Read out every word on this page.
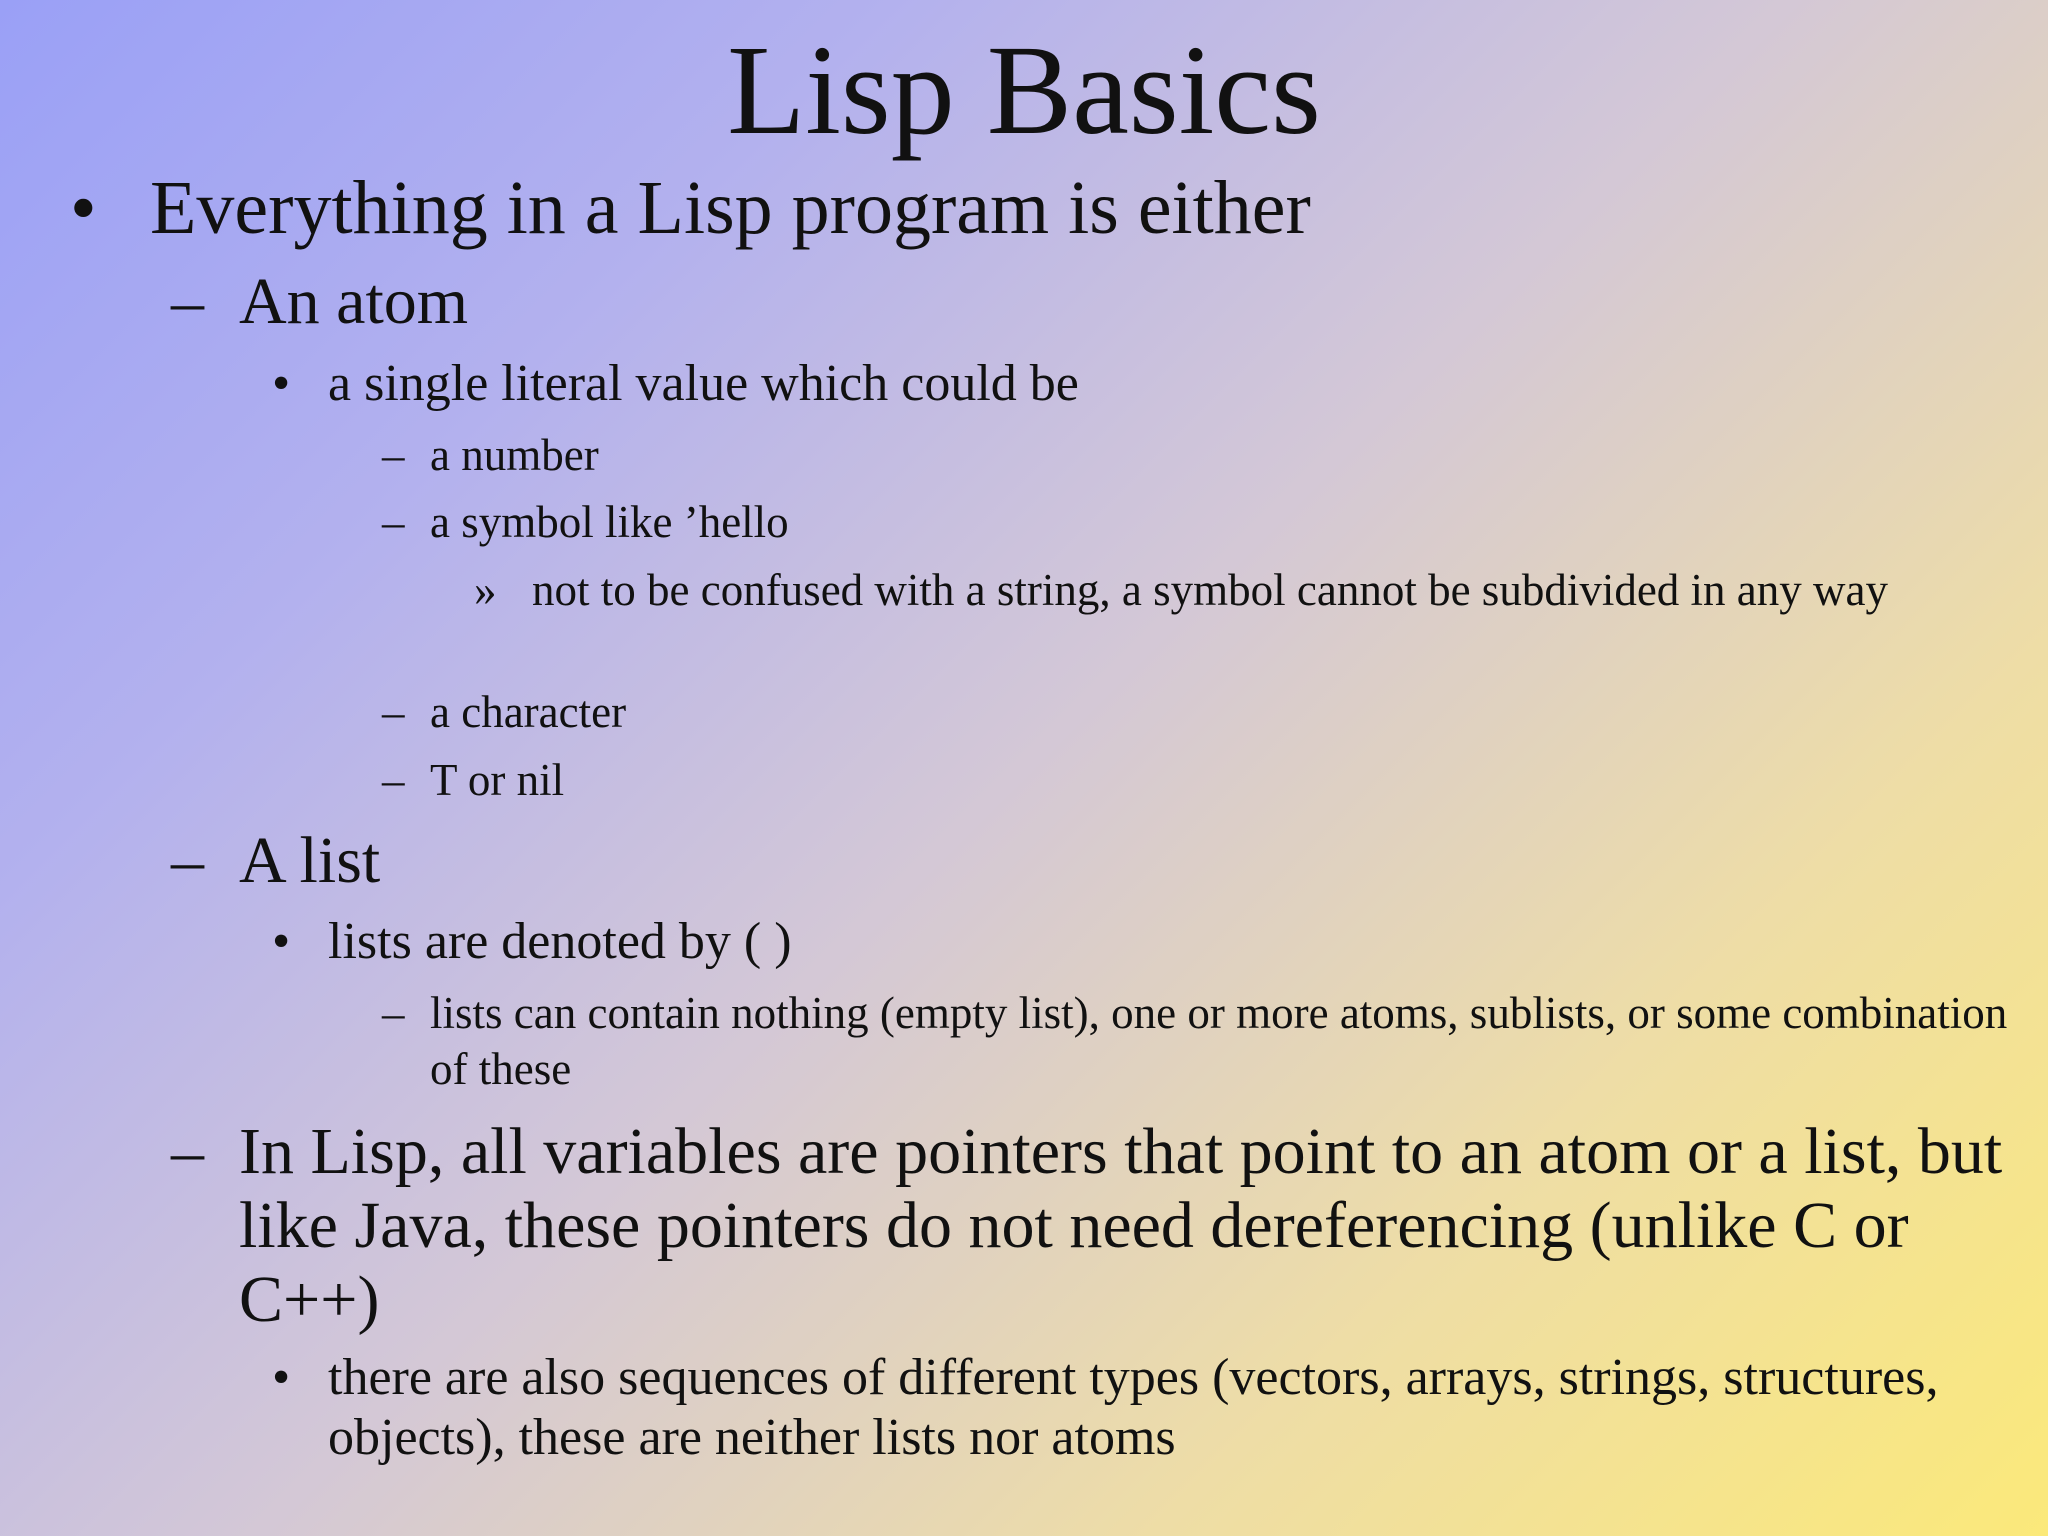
Lisp Basics
• Everything in a Lisp program is either
– An atom
• a single literal value which could be
– a number
– a symbol like ’hello
» not to be confused with a string, a symbol cannot be subdivided in any way
– a character
– T or nil
– A list
• lists are denoted by ( )
– lists can contain nothing (empty list), one or more atoms, sublists, or some combination of these
– In Lisp, all variables are pointers that point to an atom or a list, but like Java, these pointers do not need dereferencing (unlike C or C++)
• there are also sequences of different types (vectors, arrays, strings, structures, objects), these are neither lists nor atoms
